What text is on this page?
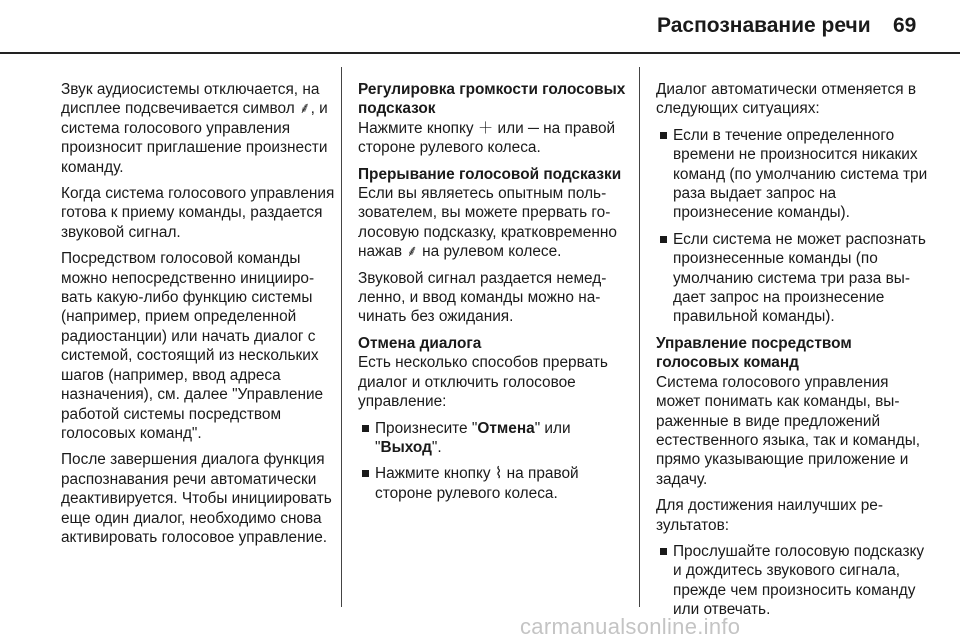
Распознавание речи 69

Звук аудиосистемы отключается, на дисплее подсвечивается символ ⸙, и система голосового управления произносит приглашение произнести команду.

Когда система голосового управления готова к приему команды, раздается звуковой сигнал.

Посредством голосовой команды можно непосредственно инициировать какую-либо функцию системы (например, прием определенной радиостанции) или начать диалог с системой, состоящий из нескольких шагов (например, ввод адреса назначения), см. далее "Управление работой системы посредством голосовых команд".

После завершения диалога функция распознавания речи автоматически деактивируется. Чтобы инициировать еще один диалог, необходимо снова активировать голосовое управление.

Регулировка громкости голосовых подсказок

Нажмите кнопку ＋ или ─ на правой стороне рулевого колеса.

Прерывание голосовой подсказки

Если вы являетесь опытным пользователем, вы можете прервать голосовую подсказку, кратковременно нажав ⸙ на рулевом колесе.

Звуковой сигнал раздается немедленно, и ввод команды можно начинать без ожидания.

Отмена диалога

Есть несколько способов прервать диалог и отключить голосовое управление:

Произнесите "Отмена" или "Выход".
Нажмите кнопку ⌇ на правой стороне рулевого колеса.

Диалог автоматически отменяется в следующих ситуациях:

Если в течение определенного времени не произносится никаких команд (по умолчанию система три раза выдает запрос на произнесение команды).
Если система не может распознать произнесенные команды (по умолчанию система три раза выдает запрос на произнесение правильной команды).
Управление посредством голосовых команд

Система голосового управления может понимать как команды, выраженные в виде предложений естественного языка, так и команды, прямо указывающие приложение и задачу.

Для достижения наилучших результатов:

Прослушайте голосовую подсказку и дождитесь звукового сигнала, прежде чем произносить команду или отвечать.
carmanualsonline.info
